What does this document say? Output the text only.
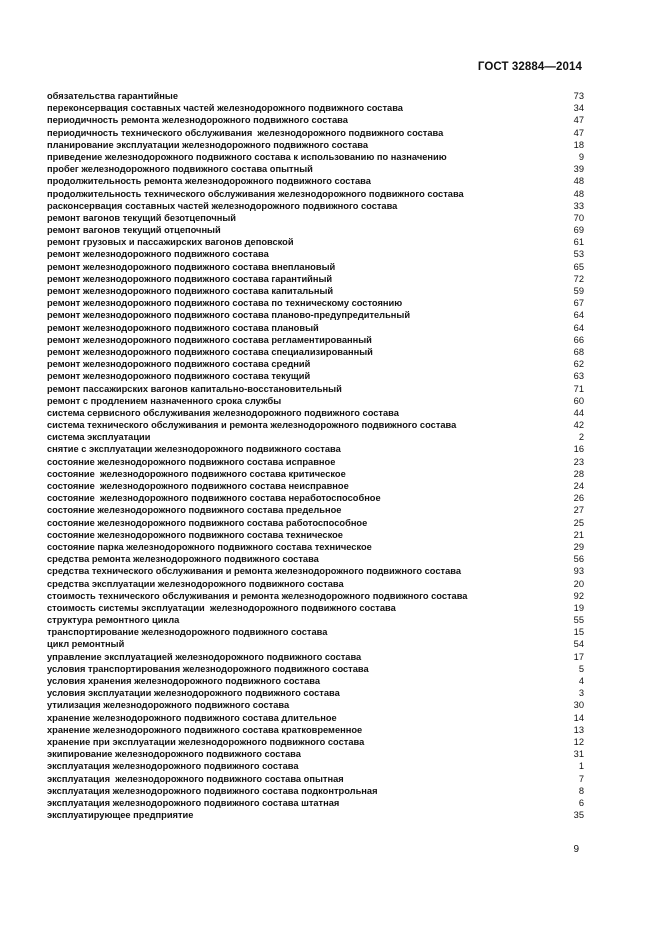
ГОСТ 32884—2014
обязательства гарантийные	73
переконсервация составных частей железнодорожного подвижного состава	34
периодичность ремонта железнодорожного подвижного состава	47
периодичность технического обслуживания  железнодорожного подвижного состава	47
планирование эксплуатации железнодорожного подвижного состава	18
приведение железнодорожного подвижного состава к использованию по назначению	9
пробег железнодорожного подвижного состава опытный	39
продолжительность ремонта железнодорожного подвижного состава	48
продолжительность технического обслуживания железнодорожного подвижного состава	48
расконсервация составных частей железнодорожного подвижного состава	33
ремонт вагонов текущий безотцепочный	70
ремонт вагонов текущий отцепочный	69
ремонт грузовых и пассажирских вагонов деповской	61
ремонт железнодорожного подвижного состава	53
ремонт железнодорожного подвижного состава внеплановый	65
ремонт железнодорожного подвижного состава гарантийный	72
ремонт железнодорожного подвижного состава капитальный	59
ремонт железнодорожного подвижного состава по техническому состоянию	67
ремонт железнодорожного подвижного состава планово-предупредительный	64
ремонт железнодорожного подвижного состава плановый	64
ремонт железнодорожного подвижного состава регламентированный	66
ремонт железнодорожного подвижного состава специализированный	68
ремонт железнодорожного подвижного состава средний	62
ремонт железнодорожного подвижного состава текущий	63
ремонт пассажирских вагонов капитально-восстановительный	71
ремонт с продлением назначенного срока службы	60
система сервисного обслуживания железнодорожного подвижного состава	44
система технического обслуживания и ремонта железнодорожного подвижного состава	42
система эксплуатации	2
снятие с эксплуатации железнодорожного подвижного состава	16
состояние железнодорожного подвижного состава исправное	23
состояние  железнодорожного подвижного состава критическое	28
состояние  железнодорожного подвижного состава неисправное	24
состояние  железнодорожного подвижного состава неработоспособное	26
состояние железнодорожного подвижного состава предельное	27
состояние железнодорожного подвижного состава работоспособное	25
состояние железнодорожного подвижного состава техническое	21
состояние парка железнодорожного подвижного состава техническое	29
средства ремонта железнодорожного подвижного состава	56
средства технического обслуживания и ремонта железнодорожного подвижного состава	93
средства эксплуатации железнодорожного подвижного состава	20
стоимость технического обслуживания и ремонта железнодорожного подвижного состава	92
стоимость системы эксплуатации  железнодорожного подвижного состава	19
структура ремонтного цикла	55
транспортирование железнодорожного подвижного состава	15
цикл ремонтный	54
управление эксплуатацией железнодорожного подвижного состава	17
условия транспортирования железнодорожного подвижного состава	5
условия хранения железнодорожного подвижного состава	4
условия эксплуатации железнодорожного подвижного состава	3
утилизация железнодорожного подвижного состава	30
хранение железнодорожного подвижного состава длительное	14
хранение железнодорожного подвижного состава кратковременное	13
хранение при эксплуатации железнодорожного подвижного состава	12
экипирование железнодорожного подвижного состава	31
эксплуатация железнодорожного подвижного состава	1
эксплуатация  железнодорожного подвижного состава опытная	7
эксплуатация железнодорожного подвижного состава подконтрольная	8
эксплуатация железнодорожного подвижного состава штатная	6
эксплуатирующее предприятие	35
9
